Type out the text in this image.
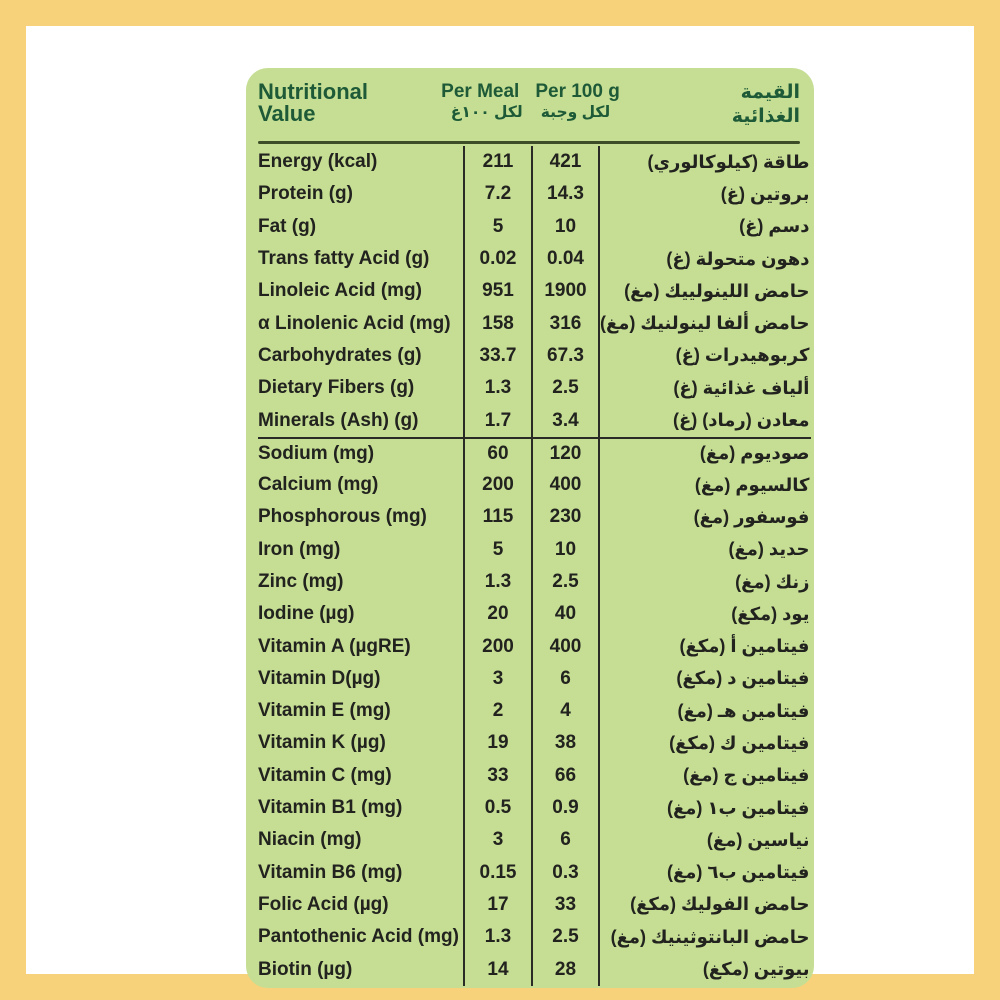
Nutritional
Value
Per Meal Per 100 g
لكل وجبة
لكل ١٠٠غ
القيمة
الغذائية
Energy (kcal)	211	421	طاقة (كيلوكالوري)
Protein (g)	7.2	14.3	بروتين (غ)
Fat (g)	5	10	دسم (غ)
Trans fatty Acid (g)	0.02	0.04	دهون متحولة (غ)
Linoleic Acid (mg)	951	1900	حامض اللينولييك (مغ)
α Linolenic Acid (mg)	158	316	حامض ألفا لينولنيك (مغ)
Carbohydrates (g)	33.7	67.3	كربوهيدرات (غ)
Dietary Fibers (g)	1.3	2.5	ألياف غذائية (غ)
Minerals (Ash) (g)	1.7	3.4	معادن (رماد) (غ)
Sodium (mg)	60	120	صوديوم (مغ)
Calcium (mg)	200	400	كالسيوم (مغ)
Phosphorous (mg)	115	230	فوسفور (مغ)
Iron (mg)	5	10	حديد (مغ)
Zinc (mg)	1.3	2.5	زنك (مغ)
Iodine (µg)	20	40	يود (مكغ)
Vitamin A (µgRE)	200	400	فيتامين أ (مكغ)
Vitamin D(µg)	3	6	فيتامين د (مكغ)
Vitamin E (mg)	2	4	فيتامين هـ (مغ)
Vitamin K (µg)	19	38	فيتامين ك (مكغ)
Vitamin C (mg)	33	66	فيتامين ج (مغ)
Vitamin B1 (mg)	0.5	0.9	فيتامين ب١ (مغ)
Niacin (mg)	3	6	نياسين (مغ)
Vitamin B6 (mg)	0.15	0.3	فيتامين ب٦ (مغ)
Folic Acid (µg)	17	33	حامض الفوليك (مكغ)
Pantothenic Acid (mg)	1.3	2.5	حامض البانتوثينيك (مغ)
Biotin (µg)	14	28	بيوتين (مكغ)
